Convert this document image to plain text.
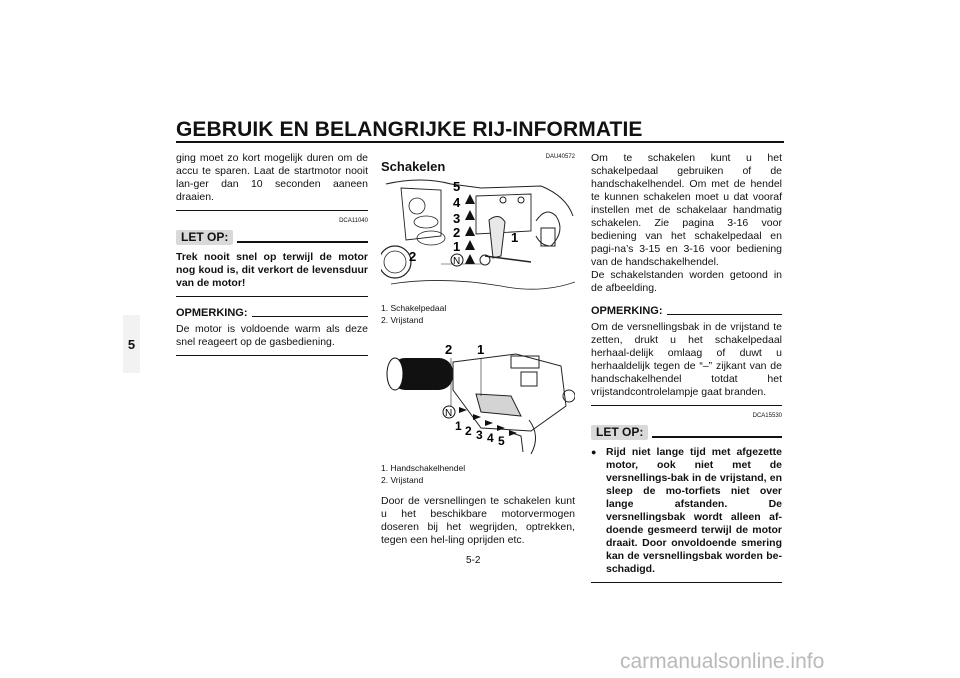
GEBRUIK EN BELANGRIJKE RIJ-INFORMATIE
5

ging moet zo kort mogelijk duren om de accu te sparen. Laat de startmotor nooit lan-ger dan 10 seconden aaneen draaien.

DCA11040
LET OP:
Trek nooit snel op terwijl de motor nog koud is, dit verkort de levensduur van de motor!
OPMERKING:

De motor is voldoende warm als deze snel reageert op de gasbediening.

DAU40572
Schakelen
5
4
3
2
1
1
2	N
1. Schakelpedaal
2. Vrijstand
2 1
N
1 2 3 4 5
1. Handschakelhendel
2. Vrijstand
Door de versnellingen te schakelen kunt u het beschikbare motorvermogen doseren bij het wegrijden, optrekken, tegen een hel-ling oprijden etc.

Om te schakelen kunt u het schakelpedaal gebruiken of de handschakelhendel. Om met de hendel te kunnen schakelen moet u dat vooraf instellen met de schakelaar handmatig schakelen. Zie pagina 3-16 voor bediening van het schakelpedaal en pagi-na’s 3-15 en 3-16 voor bediening van de handschakelhendel.

De schakelstanden worden getoond in de afbeelding.

OPMERKING:

Om de versnellingsbak in de vrijstand te zetten, drukt u het schakelpedaal herhaal-delijk omlaag of duwt u herhaaldelijk tegen de “–” zijkant van de handschakelhendel totdat het vrijstandcontrolelampje gaat branden.

DCA15530
LET OP:
● Rijd niet lange tijd met afgezette motor, ook niet met de versnellings-bak in de vrijstand, en sleep de mo-torfiets niet over lange afstanden. De versnellingsbak wordt alleen af-doende gesmeerd terwijl de motor draait. Door onvoldoende smering kan de versnellingsbak worden be-schadigd.
5-2
carmanualsonline.info
